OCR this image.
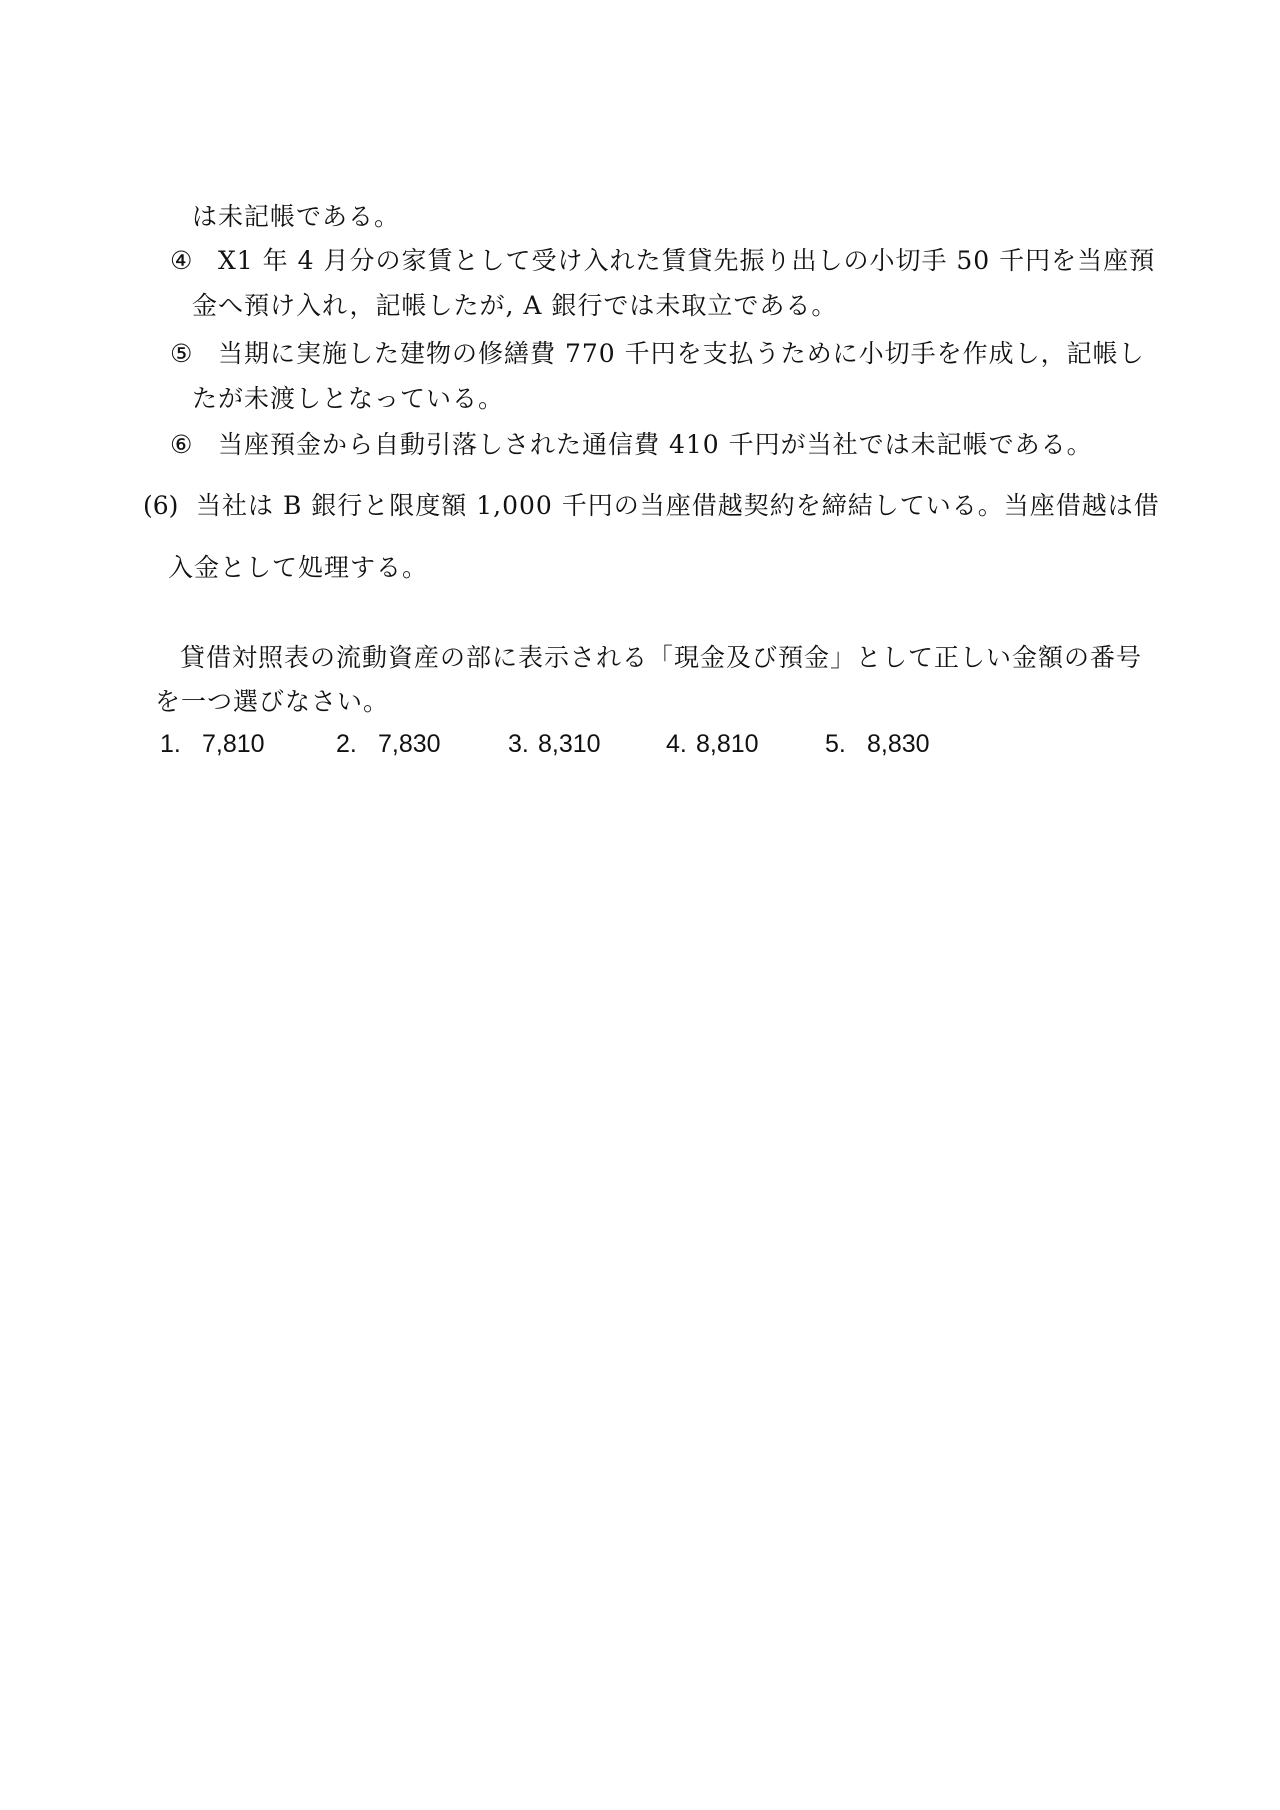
は未記帳である。
④ X1 年 4 月分の家賃として受け入れた賃貸先振り出しの小切手 50 千円を当座預
金へ預け入れ，記帳したが, A 銀行では未取立である。
⑤ 当期に実施した建物の修繕費 770 千円を支払うために小切手を作成し，記帳し
たが未渡しとなっている。
⑥ 当座預金から自動引落しされた通信費 410 千円が当社では未記帳である。
(6) 当社は B 銀行と限度額 1,000 千円の当座借越契約を締結している。当座借越は借
入金として処理する。
貸借対照表の流動資産の部に表示される「現金及び預金」として正しい金額の番号
を一つ選びなさい。
1. 7,810	2. 7,830	3. 8,310	4. 8,810	5. 8,830
